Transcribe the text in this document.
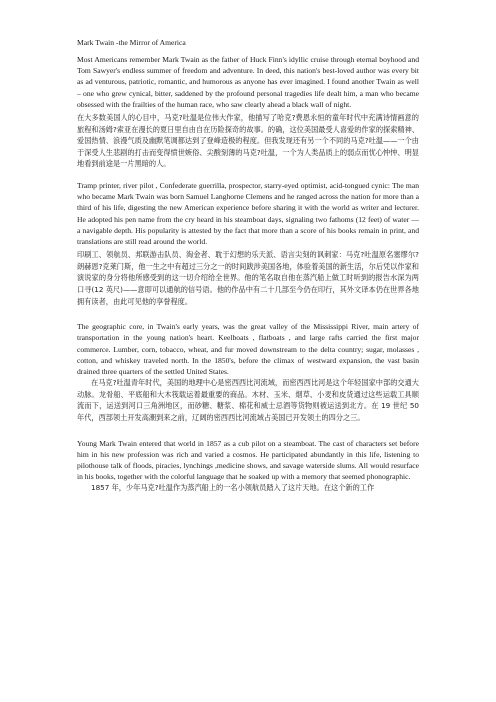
Mark Twain -the Mirror of America

Most Americans remember Mark Twain as the father of Huck Finn's idyllic cruise through eternal boyhood and Tom Sawyer's endless summer of freedom and adventure. In deed, this nation's best-loved author was every bit as ad venturous, patriotic, romantic, and humorous as anyone has ever imagined. I found another Twain as well – one who grew cynical, bitter, saddened by the profound personal tragedies life dealt him, a man who became obsessed with the frailties of the human race, who saw clearly ahead a black wall of night.

在大多数美国人的心目中，马克?吐温是位伟大作家，他描写了哈克?费恩永恒的童年时代中充满诗情画意的旅程和汤姆?索亚在漫长的夏日里自由自在历险探奇的故事。的确，这位美国最受人喜爱的作家的探索精神、爱国热情、浪漫气质及幽默笔调都达到了登峰造极的程度。但我发现还有另一个不同的马克?吐温——一个由于深受人生悲剧的打击而变得愤世嫉俗、尖酸刻薄的马克?吐温，一个为人类品质上的弱点而忧心忡忡、明显地看到前途是一片黑暗的人。

Tramp printer, river pilot , Confederate guerrilla, prospector, starry-eyed optimist, acid-tongued cynic: The man who became Mark Twain was born Samuel Langhorne Clemens and he ranged across the nation for more than a third of his life, digesting the new American experience before sharing it with the world as writer and lecturer. He adopted his pen name from the cry heard in his steamboat days, signaling two fathoms (12 feet) of water — a navigable depth. His popularity is attested by the fact that more than a score of his books remain in print, and translations are still read around the world.

印刷工、领航员、邦联游击队员、淘金者、耽于幻想的乐天派、语言尖刻的讽刺家：马克?吐温原名塞缪尔?朗赫恩?克莱门斯，他一生之中有超过三分之一的时间跋涉美国各地，体验着美国的新生活，尔后凭以作家和演说家的身分将他所感受到的这一切介绍给全世界。他的笔名取自他在蒸汽船上做工时听到的报告水深为两口寻(12 英尺)——意即可以通航的信号语。他的作品中有二十几部至今仍在印行，其外文译本仍在世界各地拥有读者，由此可见他的享誉程度。

The geographic core, in Twain's early years, was the great valley of the Mississippi River, main artery of transportation in the young nation's heart. Keelboats , flatboats , and large rafts carried the first major commerce. Lumber, corn, tobacco, wheat, and fur moved downstream to the delta country; sugar, molasses , cotton, and whiskey traveled north. In the 1850's, before the climax of westward expansion, the vast basin drained three quarters of the settled United States.

在马克?吐温青年时代，美国的地理中心是密西西比河流域，而密西西比河是这个年轻国家中部的交通大动脉。龙骨船、平底船和大木筏载运着最重要的商品。木材、玉米、烟草、小麦和皮货通过这些运载工具顺流而下，运送到河口三角洲地区，而砂糖、糖浆、棉花和威士忌酒等货物则被运送到北方。在 19 世纪 50 年代，西部领土开发高潮到来之前，辽阔的密西西比河流域占美国已开发领土的四分之三。

Young Mark Twain entered that world in 1857 as a cub pilot on a steamboat. The cast of characters set before him in his new profession was rich and varied a cosmos. He participated abundantly in this life, listening to pilothouse talk of floods, piracies, lynchings ,medicine shows, and savage waterside slums. All would resurface in his books, together with the colorful language that he soaked up with a memory that seemed phonographic.

1857 年，少年马克?吐温作为蒸汽船上的一名小领航员踏入了这片天地。在这个新的工作
